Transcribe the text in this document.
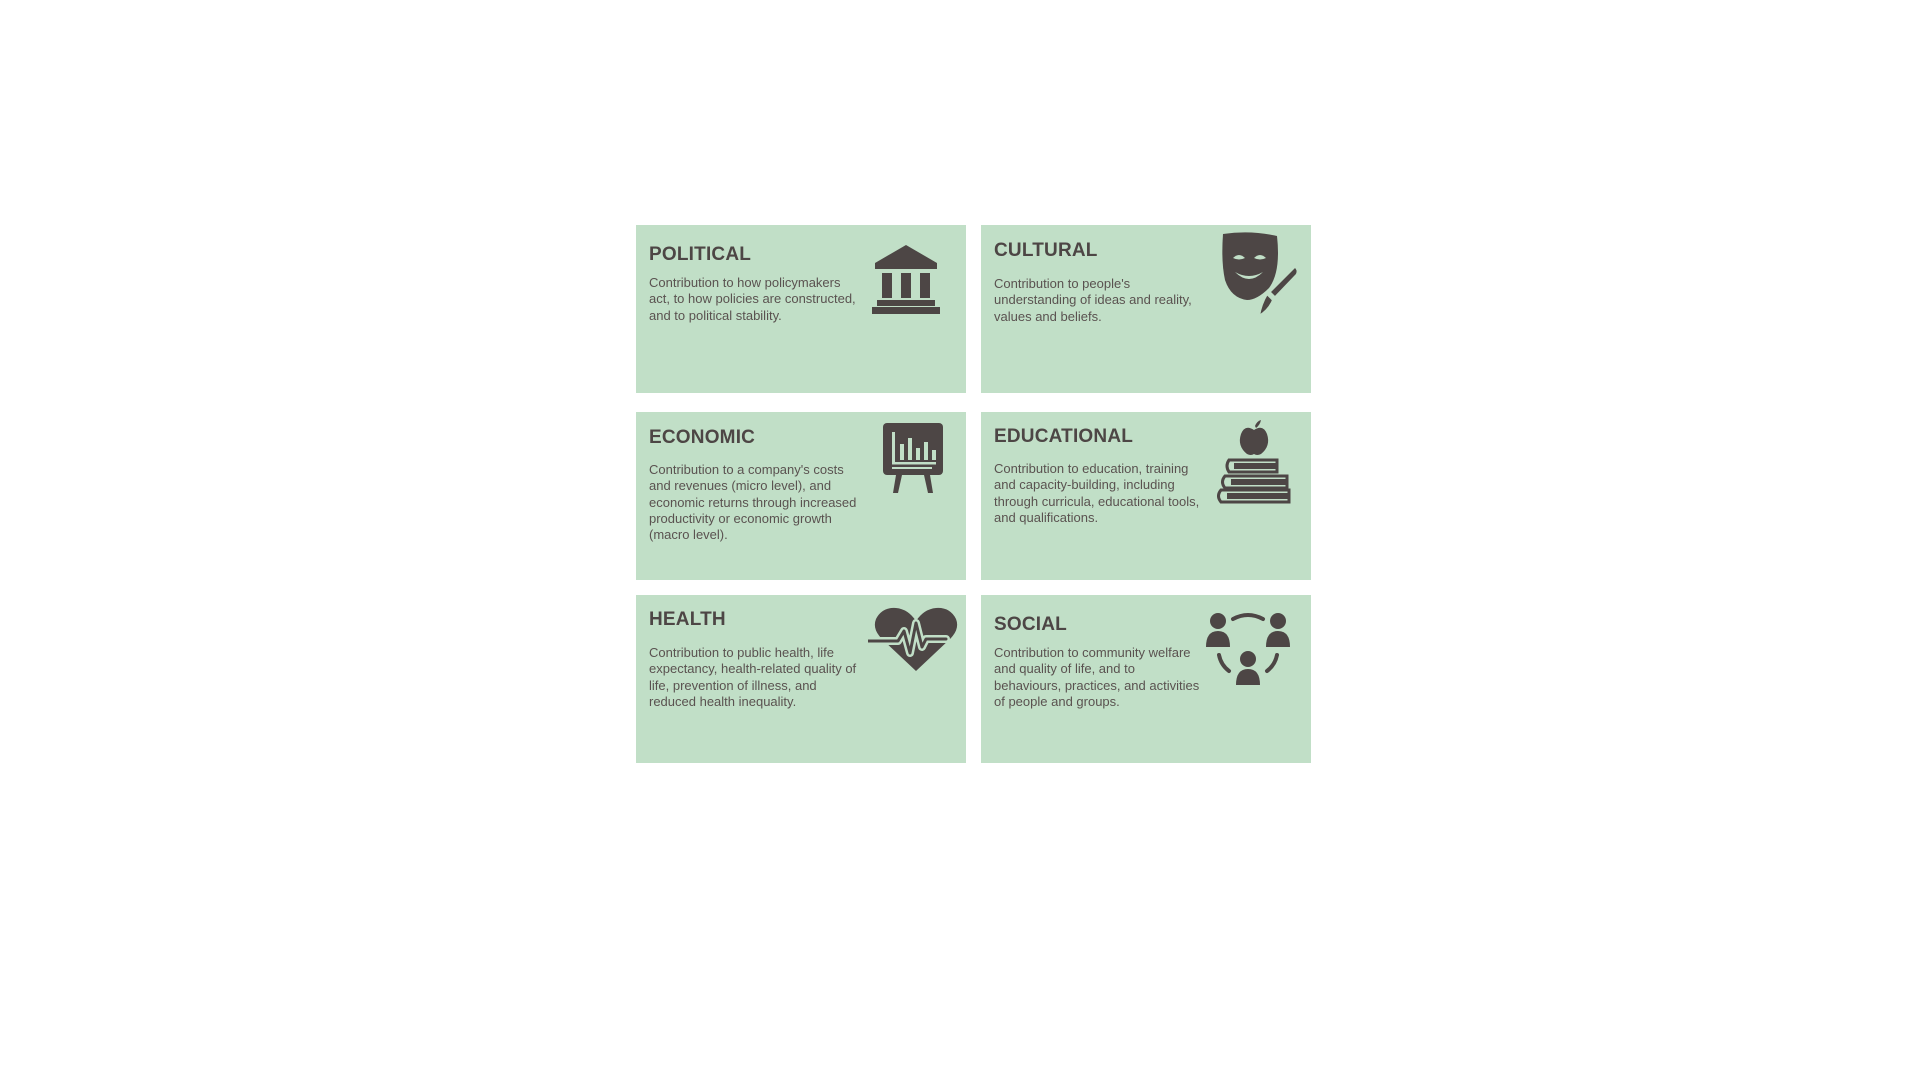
POLITICAL

Contribution to how policymakers act, to how policies are constructed, and to political stability.

CULTURAL

Contribution to people's understanding of ideas and reality, values and beliefs.

ECONOMIC

Contribution to a company's costs and revenues (micro level), and economic returns through increased productivity or economic growth (macro level).

EDUCATIONAL

Contribution to education, training and capacity-building, including through curricula, educational tools, and qualifications.

HEALTH

Contribution to public health, life expectancy, health-related quality of life, prevention of illness, and reduced health inequality.

SOCIAL

Contribution to community welfare and quality of life, and to behaviours, practices, and activities of people and groups.
